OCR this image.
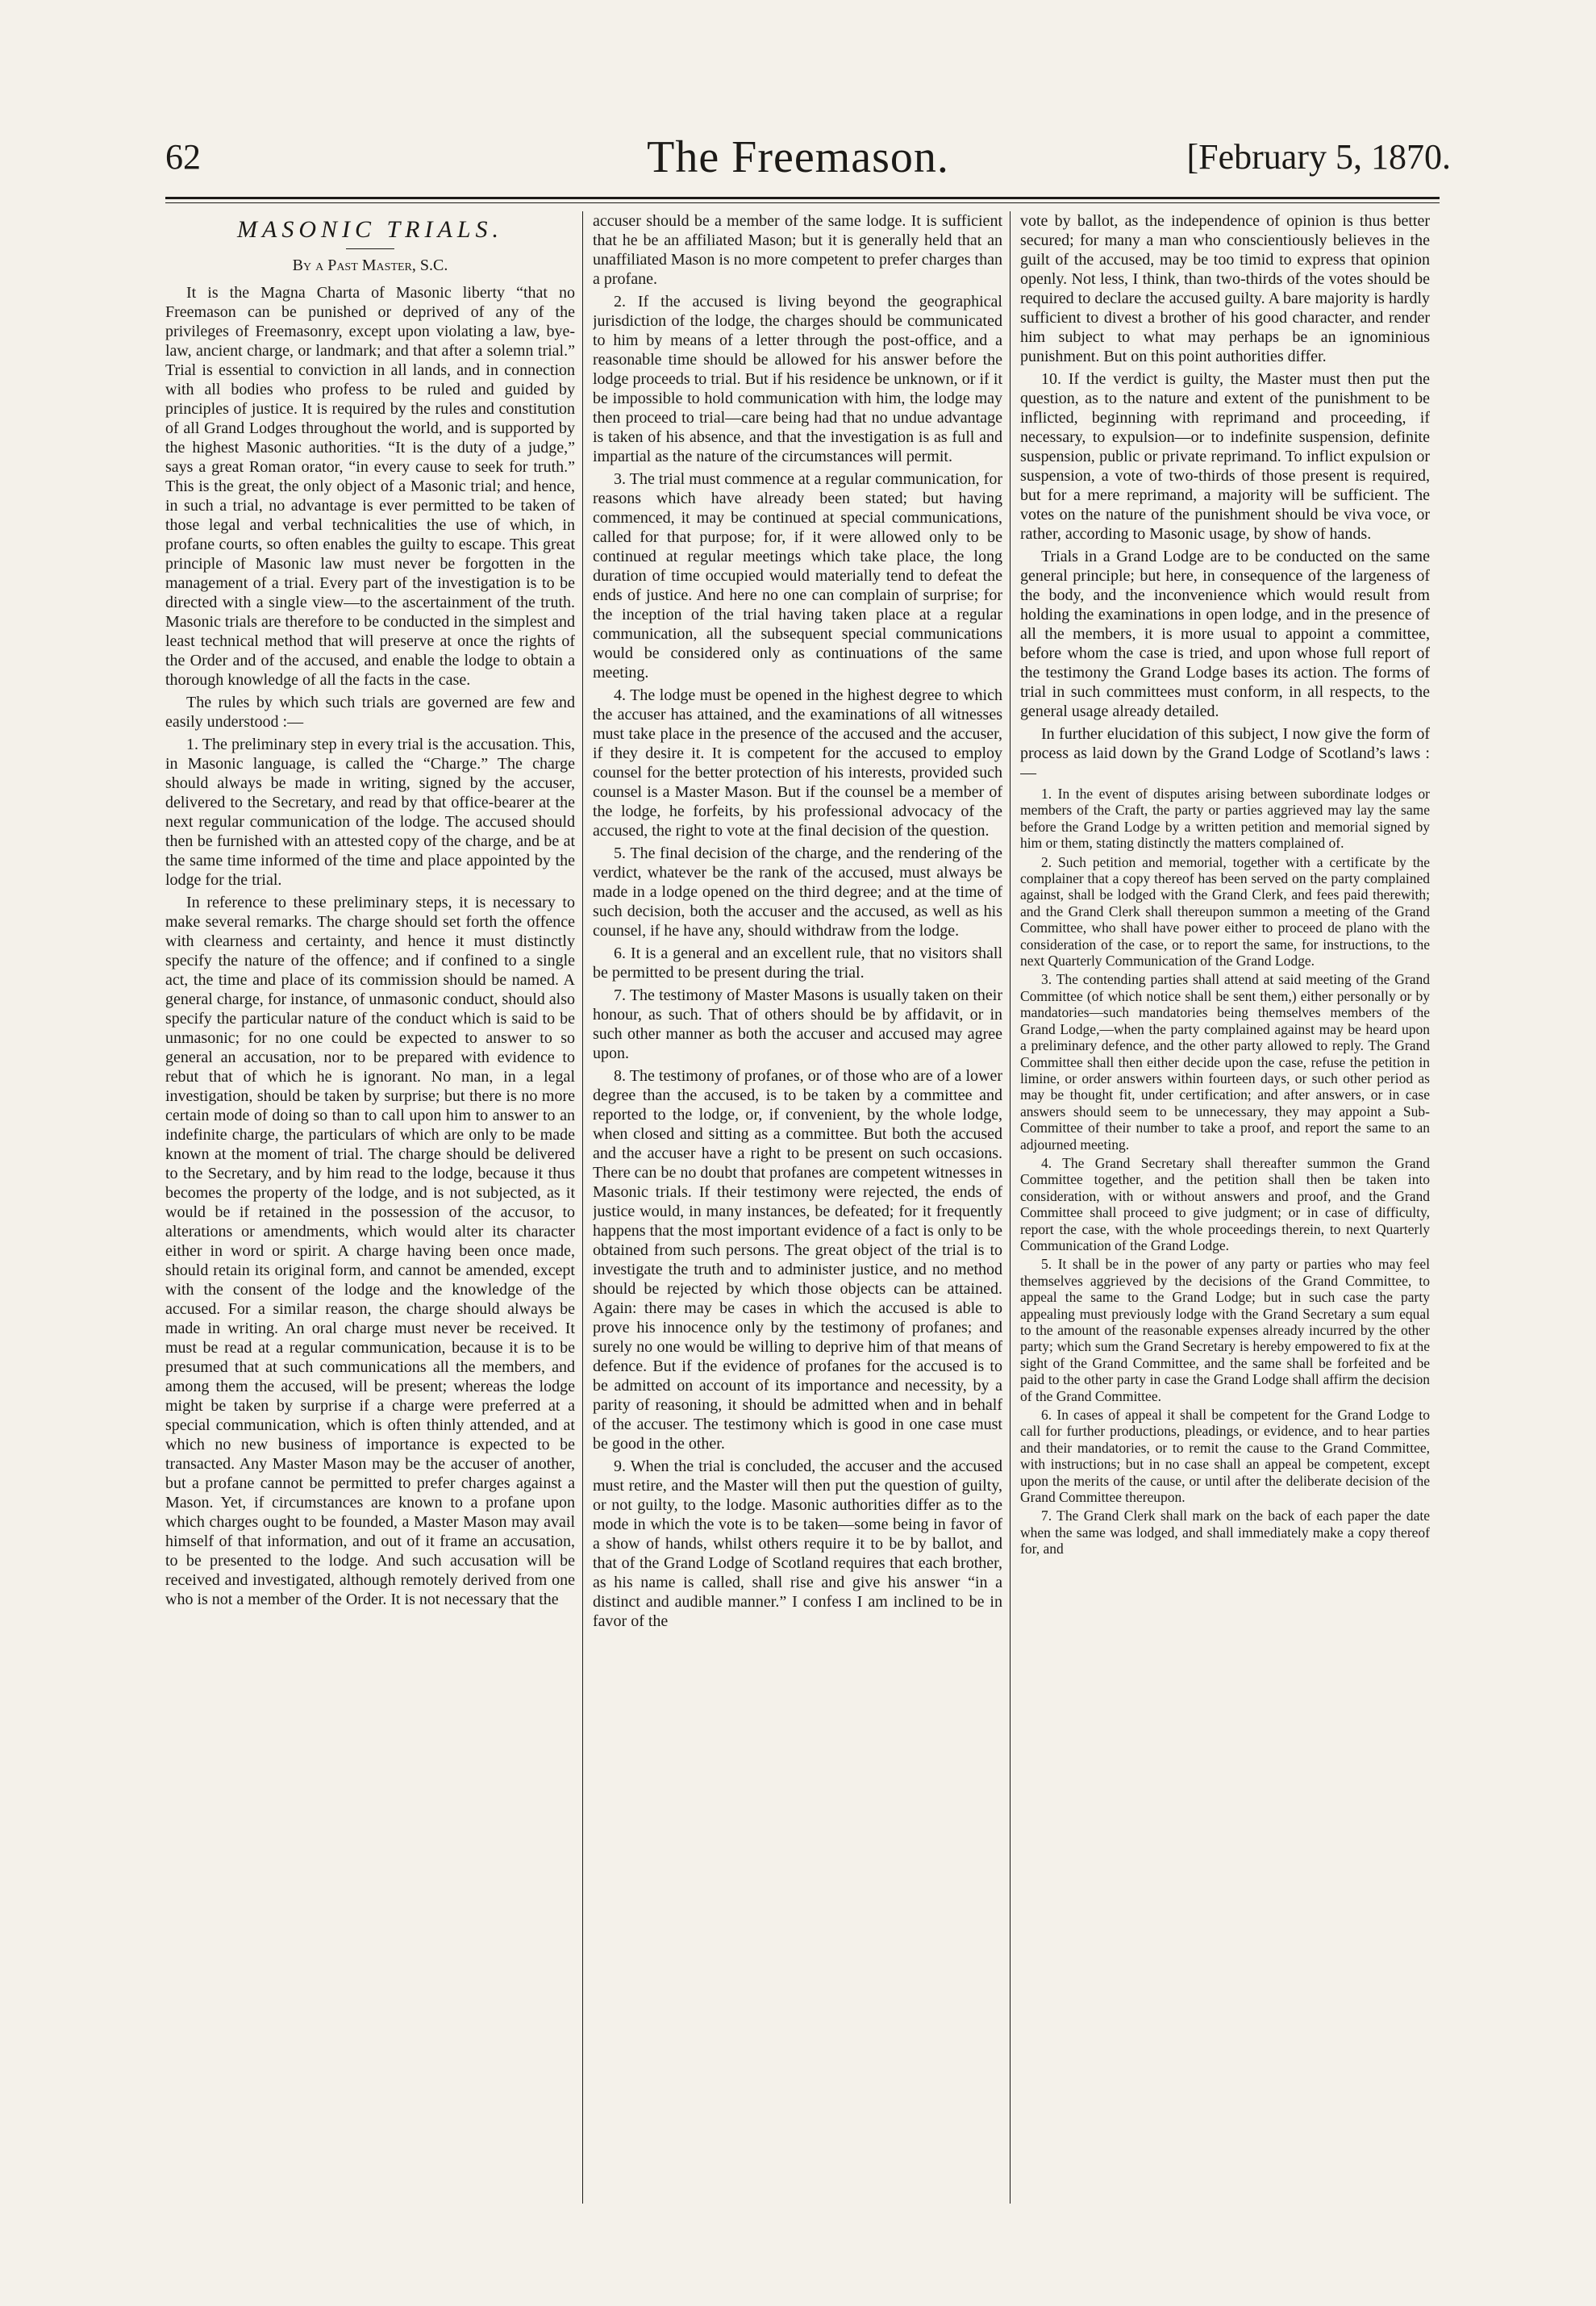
62	The Freemason.	[February 5, 1870.
MASONIC TRIALS.

By a Past Master, S.C.

It is the Magna Charta of Masonic liberty “that no Freemason can be punished or deprived of any of the privileges of Freemasonry, except upon violating a law, bye-law, ancient charge, or landmark; and that after a solemn trial.” Trial is essential to conviction in all lands, and in connection with all bodies who profess to be ruled and guided by principles of justice. It is required by the rules and constitution of all Grand Lodges throughout the world, and is supported by the highest Masonic authorities. “It is the duty of a judge,” says a great Roman orator, “in every cause to seek for truth.” This is the great, the only object of a Masonic trial; and hence, in such a trial, no advantage is ever permitted to be taken of those legal and verbal technicalities the use of which, in profane courts, so often enables the guilty to escape. This great principle of Masonic law must never be forgotten in the management of a trial. Every part of the investigation is to be directed with a single view—to the ascertainment of the truth. Masonic trials are therefore to be conducted in the simplest and least technical method that will preserve at once the rights of the Order and of the accused, and enable the lodge to obtain a thorough knowledge of all the facts in the case.

The rules by which such trials are governed are few and easily understood :—

1. The preliminary step in every trial is the accusation. This, in Masonic language, is called the “Charge.” The charge should always be made in writing, signed by the accuser, delivered to the Secretary, and read by that office-bearer at the next regular communication of the lodge. The accused should then be furnished with an attested copy of the charge, and be at the same time informed of the time and place appointed by the lodge for the trial.

In reference to these preliminary steps, it is necessary to make several remarks. The charge should set forth the offence with clearness and certainty, and hence it must distinctly specify the nature of the offence; and if confined to a single act, the time and place of its commission should be named. A general charge, for instance, of unmasonic conduct, should also specify the particular nature of the conduct which is said to be unmasonic; for no one could be expected to answer to so general an accusation, nor to be prepared with evidence to rebut that of which he is ignorant. No man, in a legal investigation, should be taken by surprise; but there is no more certain mode of doing so than to call upon him to answer to an indefinite charge, the particulars of which are only to be made known at the moment of trial. The charge should be delivered to the Secretary, and by him read to the lodge, because it thus becomes the property of the lodge, and is not subjected, as it would be if retained in the possession of the accusor, to alterations or amendments, which would alter its character either in word or spirit. A charge having been once made, should retain its original form, and cannot be amended, except with the consent of the lodge and the knowledge of the accused. For a similar reason, the charge should always be made in writing. An oral charge must never be received. It must be read at a regular communication, because it is to be presumed that at such communications all the members, and among them the accused, will be present; whereas the lodge might be taken by surprise if a charge were preferred at a special communication, which is often thinly attended, and at which no new business of importance is expected to be transacted. Any Master Mason may be the accuser of another, but a profane cannot be permitted to prefer charges against a Mason. Yet, if circumstances are known to a profane upon which charges ought to be founded, a Master Mason may avail himself of that information, and out of it frame an accusation, to be presented to the lodge. And such accusation will be received and investigated, although remotely derived from one who is not a member of the Order. It is not necessary that the

accuser should be a member of the same lodge. It is sufficient that he be an affiliated Mason; but it is generally held that an unaffiliated Mason is no more competent to prefer charges than a profane.

2. If the accused is living beyond the geographical jurisdiction of the lodge, the charges should be communicated to him by means of a letter through the post-office, and a reasonable time should be allowed for his answer before the lodge proceeds to trial. But if his residence be unknown, or if it be impossible to hold communication with him, the lodge may then proceed to trial—care being had that no undue advantage is taken of his absence, and that the investigation is as full and impartial as the nature of the circumstances will permit.

3. The trial must commence at a regular communication, for reasons which have already been stated; but having commenced, it may be continued at special communications, called for that purpose; for, if it were allowed only to be continued at regular meetings which take place, the long duration of time occupied would materially tend to defeat the ends of justice. And here no one can complain of surprise; for the inception of the trial having taken place at a regular communication, all the subsequent special communications would be considered only as continuations of the same meeting.

4. The lodge must be opened in the highest degree to which the accuser has attained, and the examinations of all witnesses must take place in the presence of the accused and the accuser, if they desire it. It is competent for the accused to employ counsel for the better protection of his interests, provided such counsel is a Master Mason. But if the counsel be a member of the lodge, he forfeits, by his professional advocacy of the accused, the right to vote at the final decision of the question.

5. The final decision of the charge, and the rendering of the verdict, whatever be the rank of the accused, must always be made in a lodge opened on the third degree; and at the time of such decision, both the accuser and the accused, as well as his counsel, if he have any, should withdraw from the lodge.

6. It is a general and an excellent rule, that no visitors shall be permitted to be present during the trial.

7. The testimony of Master Masons is usually taken on their honour, as such. That of others should be by affidavit, or in such other manner as both the accuser and accused may agree upon.

8. The testimony of profanes, or of those who are of a lower degree than the accused, is to be taken by a committee and reported to the lodge, or, if convenient, by the whole lodge, when closed and sitting as a committee. But both the accused and the accuser have a right to be present on such occasions. There can be no doubt that profanes are competent witnesses in Masonic trials. If their testimony were rejected, the ends of justice would, in many instances, be defeated; for it frequently happens that the most important evidence of a fact is only to be obtained from such persons. The great object of the trial is to investigate the truth and to administer justice, and no method should be rejected by which those objects can be attained. Again: there may be cases in which the accused is able to prove his innocence only by the testimony of profanes; and surely no one would be willing to deprive him of that means of defence. But if the evidence of profanes for the accused is to be admitted on account of its importance and necessity, by a parity of reasoning, it should be admitted when and in behalf of the accuser. The testimony which is good in one case must be good in the other.

9. When the trial is concluded, the accuser and the accused must retire, and the Master will then put the question of guilty, or not guilty, to the lodge. Masonic authorities differ as to the mode in which the vote is to be taken—some being in favor of a show of hands, whilst others require it to be by ballot, and that of the Grand Lodge of Scotland requires that each brother, as his name is called, shall rise and give his answer “in a distinct and audible manner.” I confess I am inclined to be in favor of the

vote by ballot, as the independence of opinion is thus better secured; for many a man who conscientiously believes in the guilt of the accused, may be too timid to express that opinion openly. Not less, I think, than two-thirds of the votes should be required to declare the accused guilty. A bare majority is hardly sufficient to divest a brother of his good character, and render him subject to what may perhaps be an ignominious punishment. But on this point authorities differ.

10. If the verdict is guilty, the Master must then put the question, as to the nature and extent of the punishment to be inflicted, beginning with reprimand and proceeding, if necessary, to expulsion—or to indefinite suspension, definite suspension, public or private reprimand. To inflict expulsion or suspension, a vote of two-thirds of those present is required, but for a mere reprimand, a majority will be sufficient. The votes on the nature of the punishment should be viva voce, or rather, according to Masonic usage, by show of hands.

Trials in a Grand Lodge are to be conducted on the same general principle; but here, in consequence of the largeness of the body, and the inconvenience which would result from holding the examinations in open lodge, and in the presence of all the members, it is more usual to appoint a committee, before whom the case is tried, and upon whose full report of the testimony the Grand Lodge bases its action. The forms of trial in such committees must conform, in all respects, to the general usage already detailed.

In further elucidation of this subject, I now give the form of process as laid down by the Grand Lodge of Scotland’s laws :—

1. In the event of disputes arising between subordinate lodges or members of the Craft, the party or parties aggrieved may lay the same before the Grand Lodge by a written petition and memorial signed by him or them, stating distinctly the matters complained of.

2. Such petition and memorial, together with a certificate by the complainer that a copy thereof has been served on the party complained against, shall be lodged with the Grand Clerk, and fees paid therewith; and the Grand Clerk shall thereupon summon a meeting of the Grand Committee, who shall have power either to proceed de plano with the consideration of the case, or to report the same, for instructions, to the next Quarterly Communication of the Grand Lodge.

3. The contending parties shall attend at said meeting of the Grand Committee (of which notice shall be sent them,) either personally or by mandatories—such mandatories being themselves members of the Grand Lodge,—when the party complained against may be heard upon a preliminary defence, and the other party allowed to reply. The Grand Committee shall then either decide upon the case, refuse the petition in limine, or order answers within fourteen days, or such other period as may be thought fit, under certification; and after answers, or in case answers should seem to be unnecessary, they may appoint a Sub-Committee of their number to take a proof, and report the same to an adjourned meeting.

4. The Grand Secretary shall thereafter summon the Grand Committee together, and the petition shall then be taken into consideration, with or without answers and proof, and the Grand Committee shall proceed to give judgment; or in case of difficulty, report the case, with the whole proceedings therein, to next Quarterly Communication of the Grand Lodge.

5. It shall be in the power of any party or parties who may feel themselves aggrieved by the decisions of the Grand Committee, to appeal the same to the Grand Lodge; but in such case the party appealing must previously lodge with the Grand Secretary a sum equal to the amount of the reasonable expenses already incurred by the other party; which sum the Grand Secretary is hereby empowered to fix at the sight of the Grand Committee, and the same shall be forfeited and be paid to the other party in case the Grand Lodge shall affirm the decision of the Grand Committee.

6. In cases of appeal it shall be competent for the Grand Lodge to call for further productions, pleadings, or evidence, and to hear parties and their mandatories, or to remit the cause to the Grand Committee, with instructions; but in no case shall an appeal be competent, except upon the merits of the cause, or until after the deliberate decision of the Grand Committee thereupon.

7. The Grand Clerk shall mark on the back of each paper the date when the same was lodged, and shall immediately make a copy thereof for, and
